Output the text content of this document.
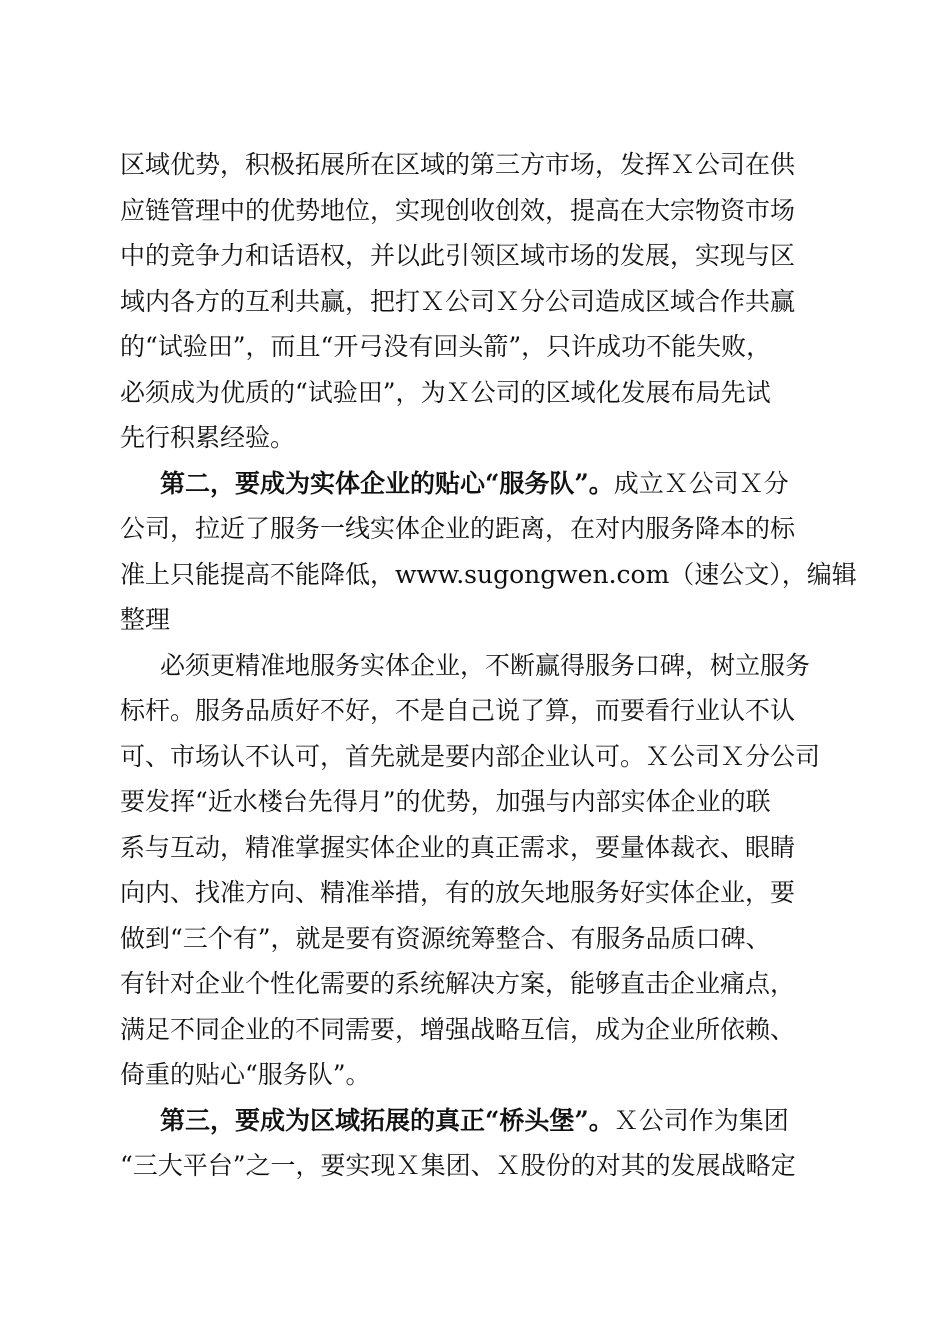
区域优势，积极拓展所在区域的第三方市场，发挥Ｘ公司在供
应链管理中的优势地位，实现创收创效，提高在大宗物资市场
中的竞争力和话语权，并以此引领区域市场的发展，实现与区
域内各方的互利共赢，把打Ｘ公司Ｘ分公司造成区域合作共赢
的“试验田”，而且“开弓没有回头箭”，只许成功不能失败，
必须成为优质的“试验田”，为Ｘ公司的区域化发展布局先试
先行积累经验。
第二，要成为实体企业的贴心“服务队”。成立Ｘ公司Ｘ分
公司，拉近了服务一线实体企业的距离，在对内服务降本的标
准上只能提高不能降低，www.sugongwen.com（速公文），编辑
整理
必须更精准地服务实体企业，不断赢得服务口碑，树立服务
标杆。服务品质好不好，不是自己说了算，而要看行业认不认
可、市场认不认可，首先就是要内部企业认可。Ｘ公司Ｘ分公司
要发挥“近水楼台先得月”的优势，加强与内部实体企业的联
系与互动，精准掌握实体企业的真正需求，要量体裁衣、眼睛
向内、找准方向、精准举措，有的放矢地服务好实体企业，要
做到“三个有”，就是要有资源统筹整合、有服务品质口碑、
有针对企业个性化需要的系统解决方案，能够直击企业痛点，
满足不同企业的不同需要，增强战略互信，成为企业所依赖、
倚重的贴心“服务队”。
第三，要成为区域拓展的真正“桥头堡”。Ｘ公司作为集团
“三大平台”之一，要实现Ｘ集团、Ｘ股份的对其的发展战略定
